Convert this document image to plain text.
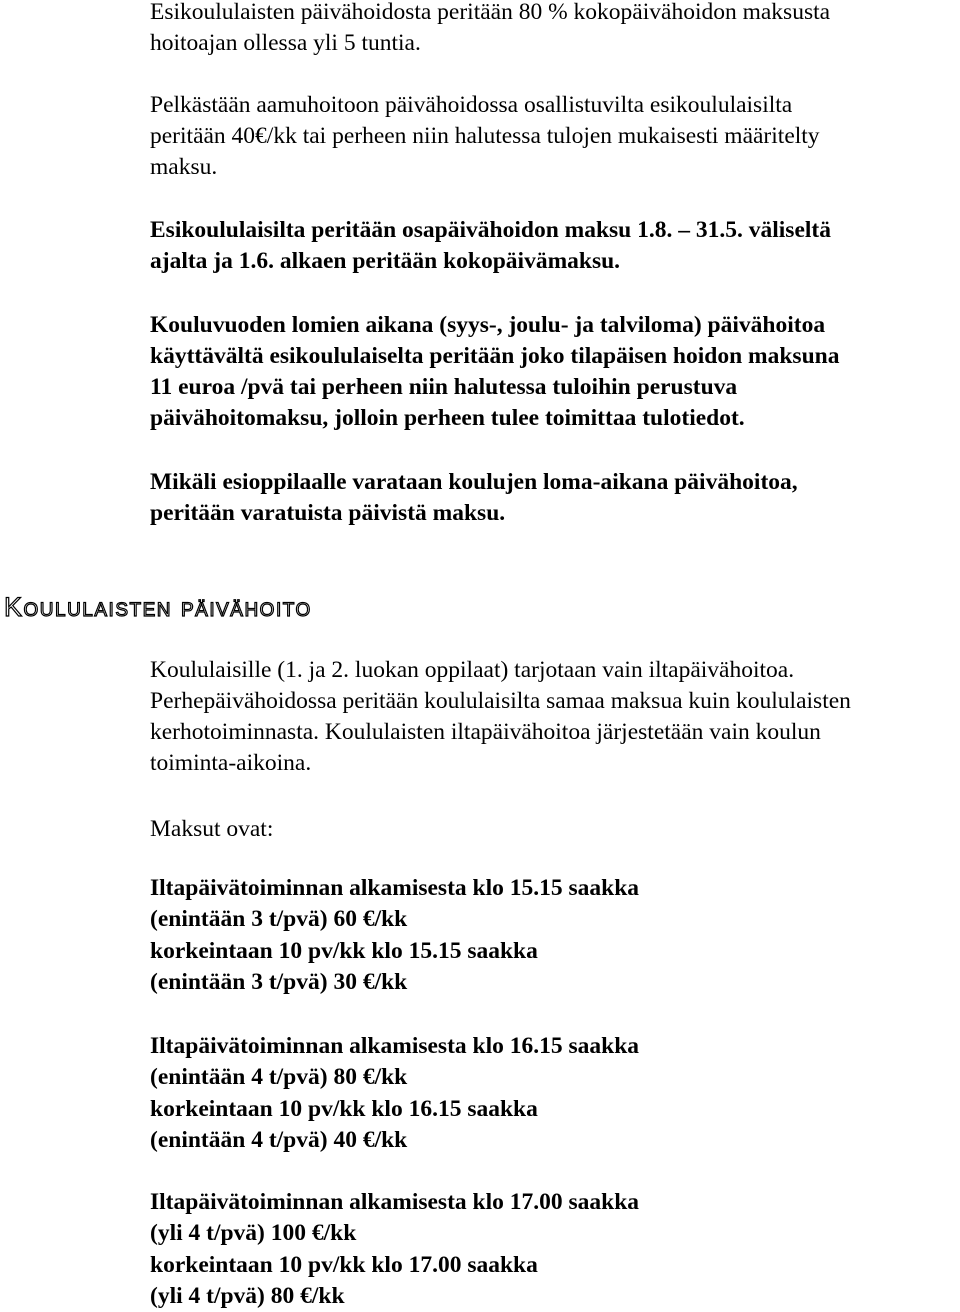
Esikoululaisten päivähoidosta peritään 80 % kokopäivähoidon maksusta
hoitoajan ollessa yli 5 tuntia.
Pelkästään aamuhoitoon päivähoidossa osallistuvilta esikoululaisilta
peritään 40€/kk tai perheen niin halutessa tulojen mukaisesti määritelty
maksu.
Esikoululaisilta peritään osapäivähoidon maksu 1.8. – 31.5. väliseltä
ajalta ja 1.6. alkaen peritään kokopäivämaksu.
Kouluvuoden lomien aikana (syys-, joulu- ja talviloma) päivähoitoa
käyttävältä esikoululaiselta peritään joko tilapäisen hoidon maksuna
11 euroa /pvä tai perheen niin halutessa tuloihin perustuva
päivähoitomaksu, jolloin perheen tulee toimittaa tulotiedot.
Mikäli esioppilaalle varataan koulujen loma-aikana päivähoitoa,
peritään varatuista päivistä maksu.
Koululaisille (1. ja 2. luokan oppilaat) tarjotaan vain iltapäivähoitoa.
Perhepäivähoidossa peritään koululaisilta samaa maksua kuin koululaisten
kerhotoiminnasta. Koululaisten iltapäivähoitoa järjestetään vain koulun
toiminta-aikoina.
Maksut ovat:
Iltapäivätoiminnan alkamisesta klo 15.15 saakka
(enintään 3 t/pvä) 60 €/kk
korkeintaan 10 pv/kk klo 15.15 saakka
(enintään 3 t/pvä) 30 €/kk
Iltapäivätoiminnan alkamisesta klo 16.15 saakka
(enintään 4 t/pvä) 80 €/kk
korkeintaan 10 pv/kk klo 16.15 saakka
(enintään 4 t/pvä) 40 €/kk
Iltapäivätoiminnan alkamisesta klo 17.00 saakka
(yli 4 t/pvä) 100 €/kk
korkeintaan 10 pv/kk klo 17.00 saakka
(yli 4 t/pvä) 80 €/kk
Koululaisten päivähoito
